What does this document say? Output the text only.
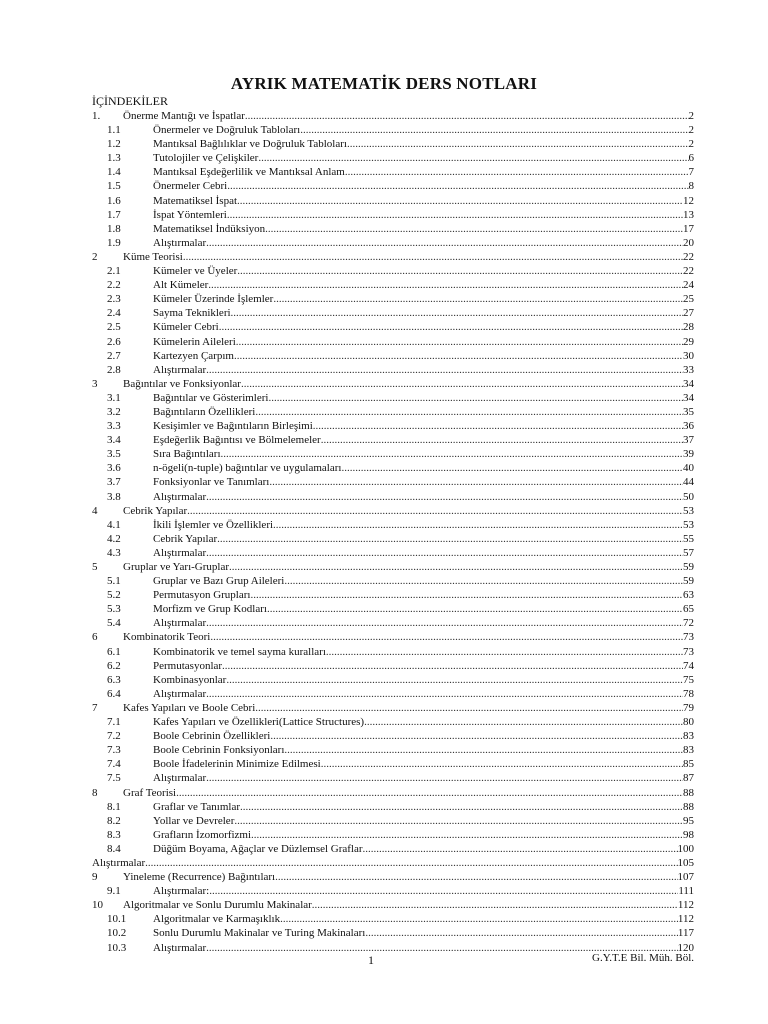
AYRIK MATEMATİK DERS NOTLARI
İÇİNDEKİLER
1. Önerme Mantığı ve İspatlar .....	2
1.1	Önermeler ve Doğruluk Tabloları .....	2
1.2	Mantıksal Bağlılıklar ve Doğruluk Tabloları .....	2
1.3	Tutolojiler ve Çelişkiler .....	6
1.4	Mantıksal Eşdeğerlilik ve Mantıksal Anlam .....	7
1.5	Önermeler Cebri .....	8
1.6	Matematiksel İspat .....	12
1.7	İspat Yöntemleri .....	13
1.8	Matematiksel İndüksiyon .....	17
1.9	Alıştırmalar .....	20
2 Küme Teorisi .....	22
2.1	Kümeler ve Üyeler .....	22
2.2	Alt Kümeler .....	24
2.3	Kümeler Üzerinde İşlemler .....	25
2.4	Sayma Teknikleri .....	27
2.5	Kümeler Cebri .....	28
2.6	Kümelerin Aileleri .....	29
2.7	Kartezyen Çarpım .....	30
2.8	Alıştırmalar .....	33
3 Bağıntılar ve Fonksiyonlar .....	34
3.1	Bağıntılar ve Gösterimleri .....	34
3.2	Bağıntıların Özellikleri .....	35
3.3	Kesişimler ve Bağıntıların Birleşimi .....	36
3.4	Eşdeğerlik Bağıntısı ve Bölmelemeler .....	37
3.5	Sıra Bağıntıları .....	39
3.6	n-ögeli(n-tuple) bağıntılar ve uygulamaları .....	40
3.7	Fonksiyonlar ve Tanımları .....	44
3.8	Alıştırmalar .....	50
4 Cebrik Yapılar .....	53
4.1	İkili İşlemler ve Özellikleri .....	53
4.2	Cebrik Yapılar .....	55
4.3	Alıştırmalar .....	57
5 Gruplar ve Yarı-Gruplar .....	59
5.1	Gruplar ve Bazı Grup Aileleri .....	59
5.2	Permutasyon Grupları .....	63
5.3	Morfizm ve Grup Kodları .....	65
5.4	Alıştırmalar .....	72
6 Kombinatorik Teori .....	73
6.1	Kombinatorik ve temel sayma kuralları .....	73
6.2	Permutasyonlar .....	74
6.3	Kombinasyonlar .....	75
6.4	Alıştırmalar .....	78
7 Kafes Yapıları ve Boole Cebri .....	79
7.1	Kafes Yapıları ve Özellikleri(Lattice Structures) .....	80
7.2	Boole Cebrinin Özellikleri .....	83
7.3	Boole Cebrinin Fonksiyonları .....	83
7.4	Boole İfadelerinin Minimize Edilmesi .....	85
7.5	Alıştırmalar .....	87
8 Graf Teorisi .....	88
8.1	Graflar ve Tanımlar .....	88
8.2	Yollar ve Devreler .....	95
8.3	Grafların İzomorfizmi .....	98
8.4	Düğüm Boyama, Ağaçlar ve Düzlemsel Graflar .....	100
Alıştırmalar .....	105
9 Yineleme (Recurrence) Bağıntıları .....	107
9.1	Alıştırmalar: .....	111
10 Algoritmalar ve Sonlu Durumlu Makinalar .....	112
10.1 Algoritmalar ve Karmaşıklık .....	112
10.2 Sonlu Durumlu Makinalar ve Turing Makinaları .....	117
10.3 Alıştırmalar .....	120
1	G.Y.T.E Bil. Müh. Böl.
